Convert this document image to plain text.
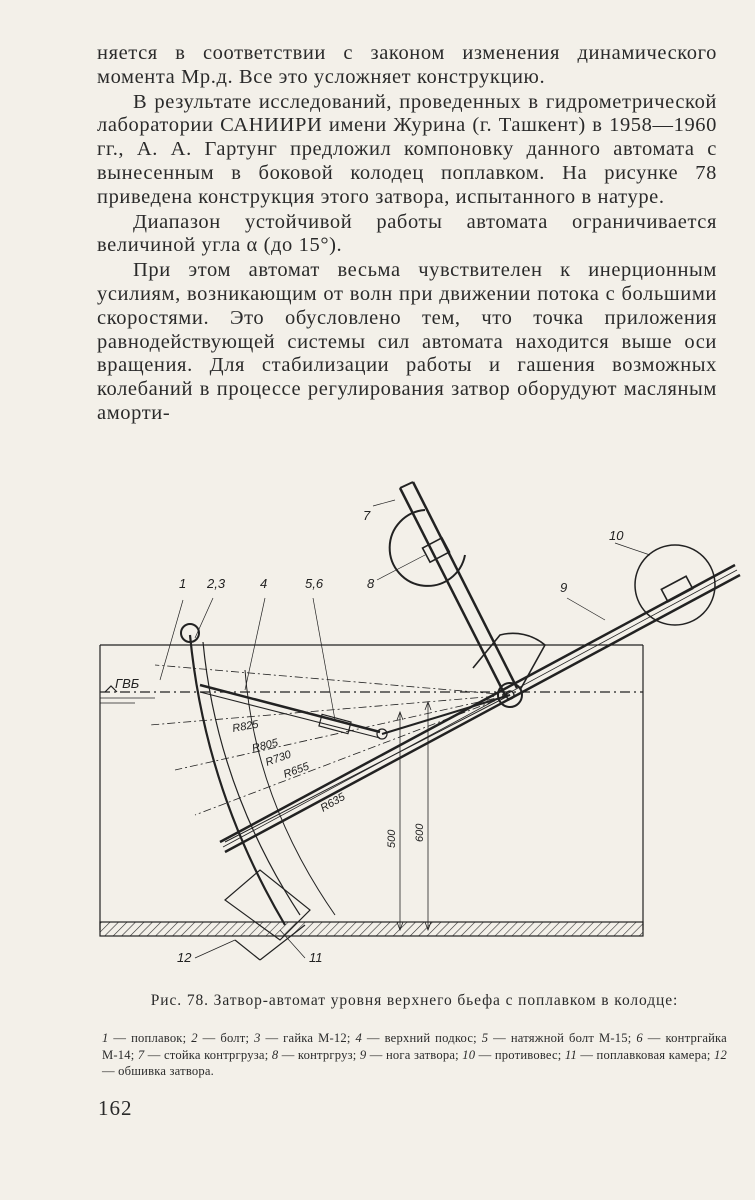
няется в соответствии с законом изменения динамического момента Mр.д. Все это усложняет конструкцию.

В результате исследований, проведенных в гидрометрической лаборатории САНИИРИ имени Журина (г. Ташкент) в 1958—1960 гг., А. А. Гартунг предложил компоновку данного автомата с вынесенным в боковой колодец поплавком. На рисунке 78 приведена конструкция этого затвора, испытанного в натуре.

Диапазон устойчивой работы автомата ограничивается величиной угла α (до 15°).

При этом автомат весьма чувствителен к инерционным усилиям, возникающим от волн при движении потока с большими скоростями. Это обусловлено тем, что точка приложения равнодействующей системы сил автомата находится выше оси вращения. Для стабилизации работы и гашения возможных колебаний в процессе регулирования затвор оборудуют масляным аморти-

1 2,3	4	5,6
7
8	9
10
11
12
ГВБ
R825
R805
R730
R655
R635
500 600
Рис. 78. Затвор-автомат уровня верхнего бьефа с поплавком в колодце:
1 — поплавок; 2 — болт; 3 — гайка М-12; 4 — верхний подкос; 5 — натяжной болт М-15; 6 — контргайка М-14; 7 — стойка контргруза; 8 — контргруз; 9 — нога затвора; 10 — противовес; 11 — поплавковая камера; 12 — обшивка затвора.
162
